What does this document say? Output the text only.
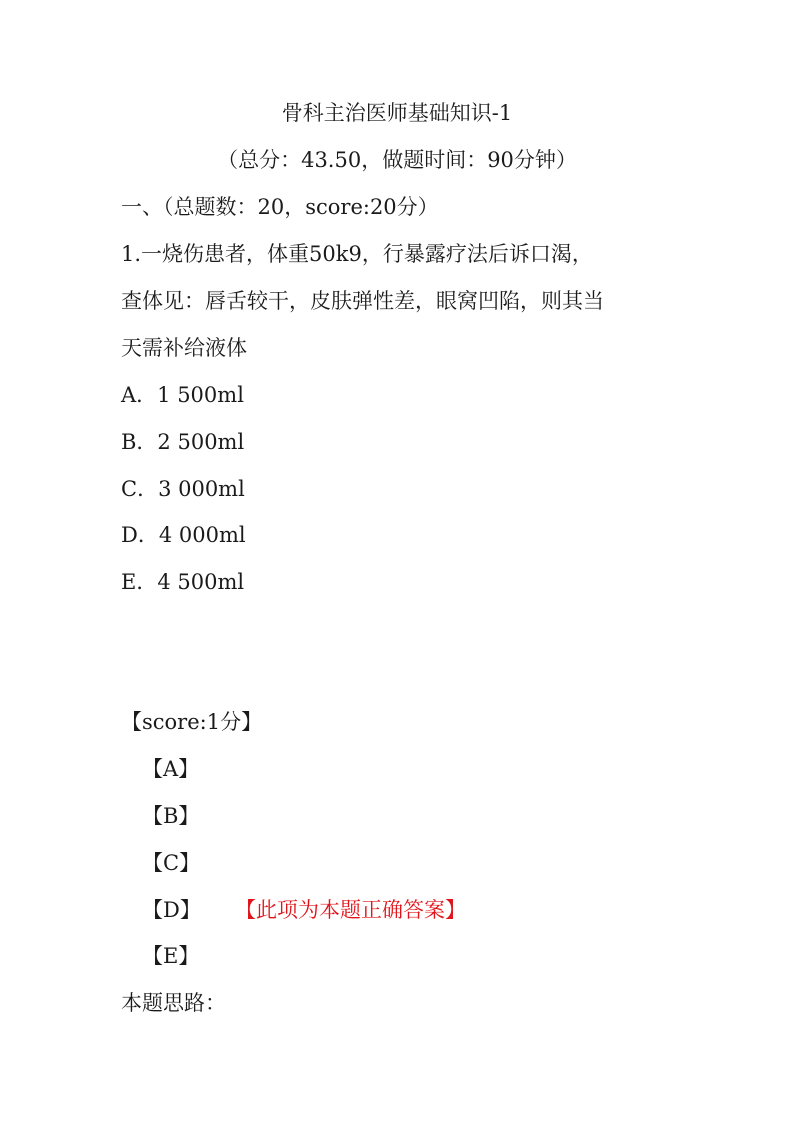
骨科主治医师基础知识-1
（总分：43.50，做题时间：90分钟）
一、（总题数：20，score:20分）
1.一烧伤患者，体重50k9，行暴露疗法后诉口渴，
查体见：唇舌较干，皮肤弹性差，眼窝凹陷，则其当
天需补给液体
A．1 500ml
B．2 500ml
C．3 000ml
D．4 000ml
E．4 500ml
【score:1分】
【A】
【B】
【C】
【D】 【此项为本题正确答案】
【E】
本题思路：
